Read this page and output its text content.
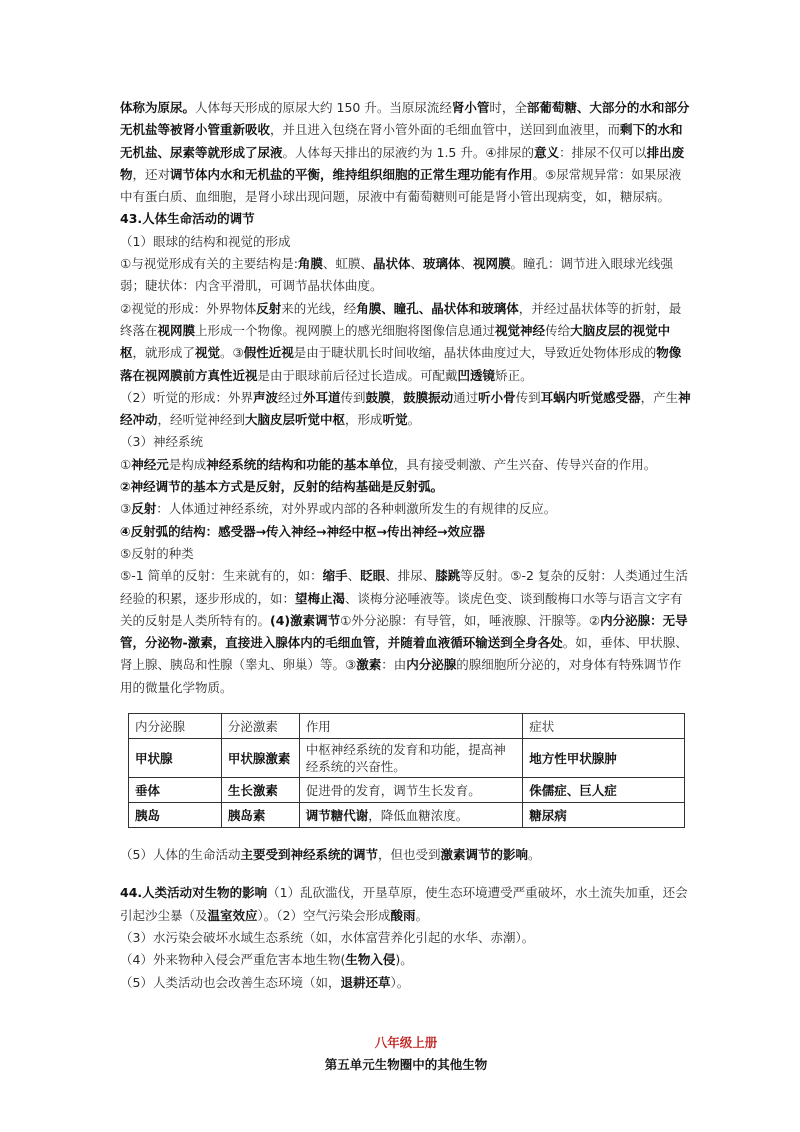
体称为原尿。人体每天形成的原尿大约 150 升。当原尿流经肾小管时，全部葡萄糖、大部分的水和部分无机盐等被肾小管重新吸收，并且进入包绕在肾小管外面的毛细血管中，送回到血液里，而剩下的水和无机盐、尿素等就形成了尿液。人体每天排出的尿液约为 1.5 升。④排尿的意义：排尿不仅可以排出废物，还对调节体内水和无机盐的平衡，维持组织细胞的正常生理功能有作用。⑤尿常规异常：如果尿液中有蛋白质、血细胞，是肾小球出现问题，尿液中有葡萄糖则可能是肾小管出现病变，如，糖尿病。

43.人体生命活动的调节

（1）眼球的结构和视觉的形成

①与视觉形成有关的主要结构是:角膜、虹膜、晶状体、玻璃体、视网膜。瞳孔：调节进入眼球光线强弱；睫状体：内含平滑肌，可调节晶状体曲度。

②视觉的形成：外界物体反射来的光线，经角膜、瞳孔、晶状体和玻璃体，并经过晶状体等的折射，最终落在视网膜上形成一个物像。视网膜上的感光细胞将图像信息通过视觉神经传给大脑皮层的视觉中枢，就形成了视觉。③假性近视是由于睫状肌长时间收缩，晶状体曲度过大，导致近处物体形成的物像落在视网膜前方真性近视是由于眼球前后径过长造成。可配戴凹透镜矫正。

（2）听觉的形成：外界声波经过外耳道传到鼓膜，鼓膜振动通过听小骨传到耳蜗内听觉感受器，产生神经冲动，经听觉神经到大脑皮层听觉中枢，形成听觉。

（3）神经系统

①神经元是构成神经系统的结构和功能的基本单位，具有接受刺激、产生兴奋、传导兴奋的作用。

②神经调节的基本方式是反射，反射的结构基础是反射弧。

③反射：人体通过神经系统，对外界或内部的各种刺激所发生的有规律的反应。

④反射弧的结构：感受器→传入神经→神经中枢→传出神经→效应器

⑤反射的种类

⑤-1 简单的反射：生来就有的，如：缩手、眨眼、排尿、膝跳等反射。⑤-2 复杂的反射：人类通过生活经验的积累，逐步形成的，如：望梅止渴、谈梅分泌唾液等。谈虎色变、谈到酸梅口水等与语言文字有关的反射是人类所特有的。(4)激素调节①外分泌腺：有导管，如，唾液腺、汗腺等。②内分泌腺：无导管，分泌物-激素，直接进入腺体内的毛细血管，并随着血液循环输送到全身各处。如，垂体、甲状腺、肾上腺、胰岛和性腺（睾丸、卵巢）等。③激素：由内分泌腺的腺细胞所分泌的，对身体有特殊调节作用的微量化学物质。

内分泌腺	分泌激素	作用	症状
甲状腺	甲状腺激素	中枢神经系统的发育和功能，提高神经系统的兴奋性。	地方性甲状腺肿
垂体	生长激素	促进骨的发育，调节生长发育。	侏儒症、巨人症
胰岛	胰岛素	调节糖代谢，降低血糖浓度。	糖尿病

（5）人体的生命活动主要受到神经系统的调节，但也受到激素调节的影响。

44.人类活动对生物的影响（1）乱砍滥伐，开垦草原，使生态环境遭受严重破坏，水土流失加重，还会引起沙尘暴（及温室效应）。（2）空气污染会形成酸雨。

（3）水污染会破坏水域生态系统（如，水体富营养化引起的水华、赤潮）。

（4）外来物种入侵会严重危害本地生物(生物入侵)。

（5）人类活动也会改善生态环境（如，退耕还草）。

八年级上册

第五单元生物圈中的其他生物
